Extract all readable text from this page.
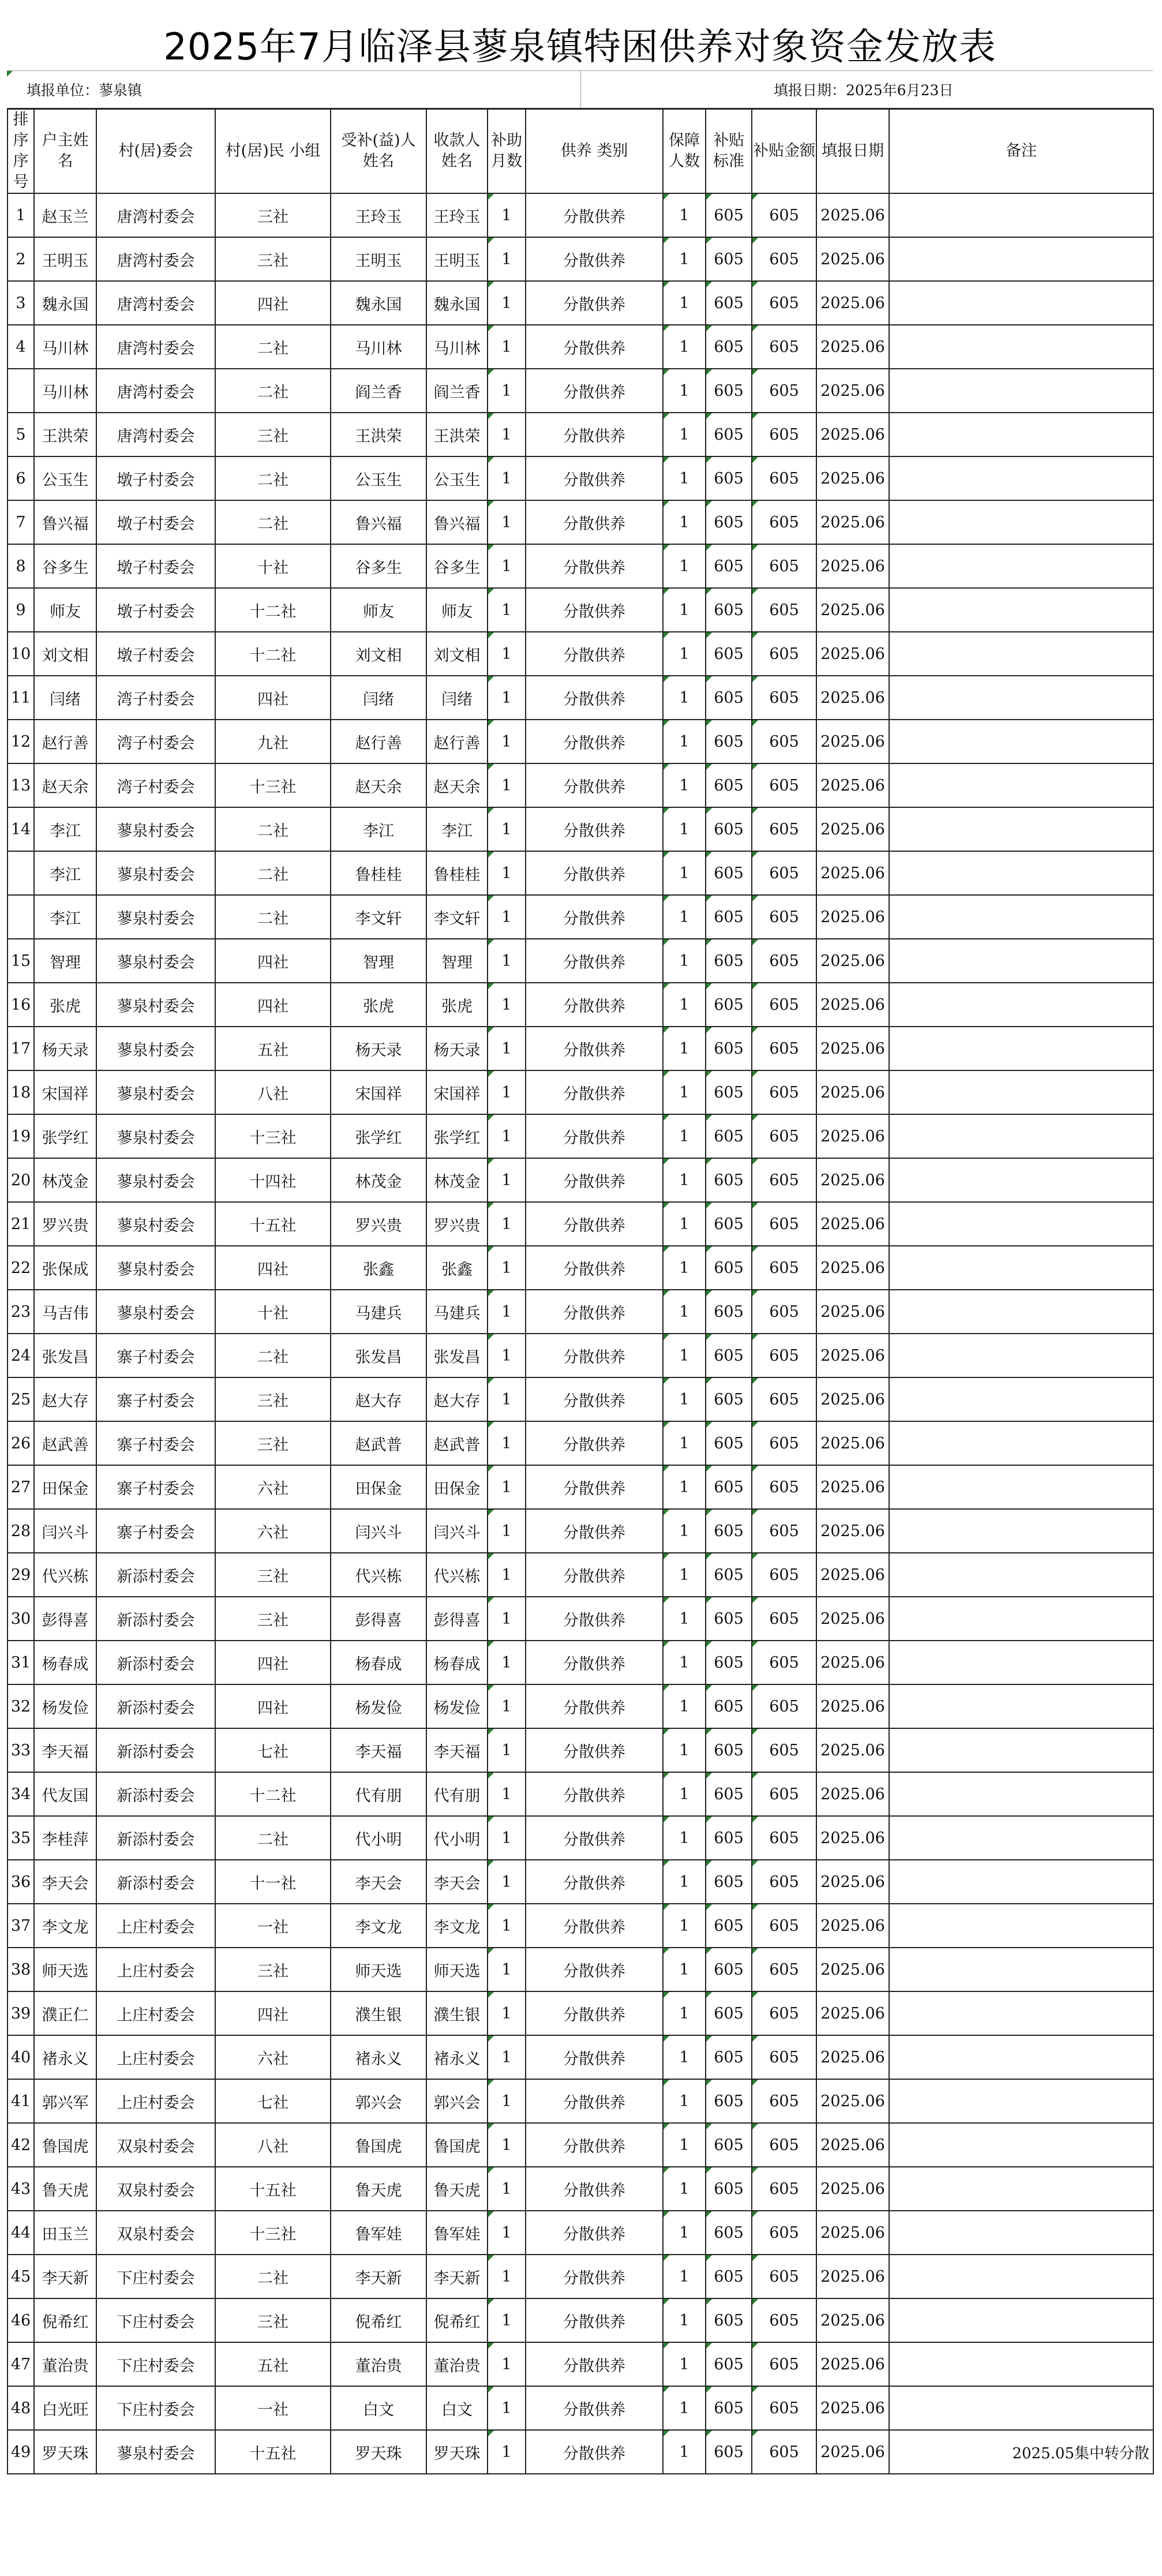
2025年7月临泽县蓼泉镇特困供养对象资金发放表
填报单位：蓼泉镇	填报日期：2025年6月23日
排序序号	户主姓名	村(居)委会	村(居)民 小组	受补(益)人 姓名	收款人姓名	补助月数	供养 类别	保障人数	补贴标准	补贴金额	填报日期	备注
1	赵玉兰	唐湾村委会	三社	王玲玉	王玲玉	1	分散供养	1	605	605	2025.06	
2	王明玉	唐湾村委会	三社	王明玉	王明玉	1	分散供养	1	605	605	2025.06	
3	魏永国	唐湾村委会	四社	魏永国	魏永国	1	分散供养	1	605	605	2025.06	
4	马川林	唐湾村委会	二社	马川林	马川林	1	分散供养	1	605	605	2025.06	
	马川林	唐湾村委会	二社	阎兰香	阎兰香	1	分散供养	1	605	605	2025.06	
5	王洪荣	唐湾村委会	三社	王洪荣	王洪荣	1	分散供养	1	605	605	2025.06	
6	公玉生	墩子村委会	二社	公玉生	公玉生	1	分散供养	1	605	605	2025.06	
7	鲁兴福	墩子村委会	二社	鲁兴福	鲁兴福	1	分散供养	1	605	605	2025.06	
8	谷多生	墩子村委会	十社	谷多生	谷多生	1	分散供养	1	605	605	2025.06	
9	师友	墩子村委会	十二社	师友	师友	1	分散供养	1	605	605	2025.06	
10	刘文相	墩子村委会	十二社	刘文相	刘文相	1	分散供养	1	605	605	2025.06	
11	闫绪	湾子村委会	四社	闫绪	闫绪	1	分散供养	1	605	605	2025.06	
12	赵行善	湾子村委会	九社	赵行善	赵行善	1	分散供养	1	605	605	2025.06	
13	赵天余	湾子村委会	十三社	赵天余	赵天余	1	分散供养	1	605	605	2025.06	
14	李江	蓼泉村委会	二社	李江	李江	1	分散供养	1	605	605	2025.06	
	李江	蓼泉村委会	二社	鲁桂桂	鲁桂桂	1	分散供养	1	605	605	2025.06	
	李江	蓼泉村委会	二社	李文轩	李文轩	1	分散供养	1	605	605	2025.06	
15	智理	蓼泉村委会	四社	智理	智理	1	分散供养	1	605	605	2025.06	
16	张虎	蓼泉村委会	四社	张虎	张虎	1	分散供养	1	605	605	2025.06	
17	杨天录	蓼泉村委会	五社	杨天录	杨天录	1	分散供养	1	605	605	2025.06	
18	宋国祥	蓼泉村委会	八社	宋国祥	宋国祥	1	分散供养	1	605	605	2025.06	
19	张学红	蓼泉村委会	十三社	张学红	张学红	1	分散供养	1	605	605	2025.06	
20	林茂金	蓼泉村委会	十四社	林茂金	林茂金	1	分散供养	1	605	605	2025.06	
21	罗兴贵	蓼泉村委会	十五社	罗兴贵	罗兴贵	1	分散供养	1	605	605	2025.06	
22	张保成	蓼泉村委会	四社	张鑫	张鑫	1	分散供养	1	605	605	2025.06	
23	马吉伟	蓼泉村委会	十社	马建兵	马建兵	1	分散供养	1	605	605	2025.06	
24	张发昌	寨子村委会	二社	张发昌	张发昌	1	分散供养	1	605	605	2025.06	
25	赵大存	寨子村委会	三社	赵大存	赵大存	1	分散供养	1	605	605	2025.06	
26	赵武善	寨子村委会	三社	赵武普	赵武普	1	分散供养	1	605	605	2025.06	
27	田保金	寨子村委会	六社	田保金	田保金	1	分散供养	1	605	605	2025.06	
28	闫兴斗	寨子村委会	六社	闫兴斗	闫兴斗	1	分散供养	1	605	605	2025.06	
29	代兴栋	新添村委会	三社	代兴栋	代兴栋	1	分散供养	1	605	605	2025.06	
30	彭得喜	新添村委会	三社	彭得喜	彭得喜	1	分散供养	1	605	605	2025.06	
31	杨春成	新添村委会	四社	杨春成	杨春成	1	分散供养	1	605	605	2025.06	
32	杨发俭	新添村委会	四社	杨发俭	杨发俭	1	分散供养	1	605	605	2025.06	
33	李天福	新添村委会	七社	李天福	李天福	1	分散供养	1	605	605	2025.06	
34	代友国	新添村委会	十二社	代有朋	代有朋	1	分散供养	1	605	605	2025.06	
35	李桂萍	新添村委会	二社	代小明	代小明	1	分散供养	1	605	605	2025.06	
36	李天会	新添村委会	十一社	李天会	李天会	1	分散供养	1	605	605	2025.06	
37	李文龙	上庄村委会	一社	李文龙	李文龙	1	分散供养	1	605	605	2025.06	
38	师天选	上庄村委会	三社	师天选	师天选	1	分散供养	1	605	605	2025.06	
39	濮正仁	上庄村委会	四社	濮生银	濮生银	1	分散供养	1	605	605	2025.06	
40	褚永义	上庄村委会	六社	褚永义	褚永义	1	分散供养	1	605	605	2025.06	
41	郭兴军	上庄村委会	七社	郭兴会	郭兴会	1	分散供养	1	605	605	2025.06	
42	鲁国虎	双泉村委会	八社	鲁国虎	鲁国虎	1	分散供养	1	605	605	2025.06	
43	鲁天虎	双泉村委会	十五社	鲁天虎	鲁天虎	1	分散供养	1	605	605	2025.06	
44	田玉兰	双泉村委会	十三社	鲁军娃	鲁军娃	1	分散供养	1	605	605	2025.06	
45	李天新	下庄村委会	二社	李天新	李天新	1	分散供养	1	605	605	2025.06	
46	倪希红	下庄村委会	三社	倪希红	倪希红	1	分散供养	1	605	605	2025.06	
47	董治贵	下庄村委会	五社	董治贵	董治贵	1	分散供养	1	605	605	2025.06	
48	白光旺	下庄村委会	一社	白文	白文	1	分散供养	1	605	605	2025.06	
49	罗天珠	蓼泉村委会	十五社	罗天珠	罗天珠	1	分散供养	1	605	605	2025.06	2025.05集中转分散
